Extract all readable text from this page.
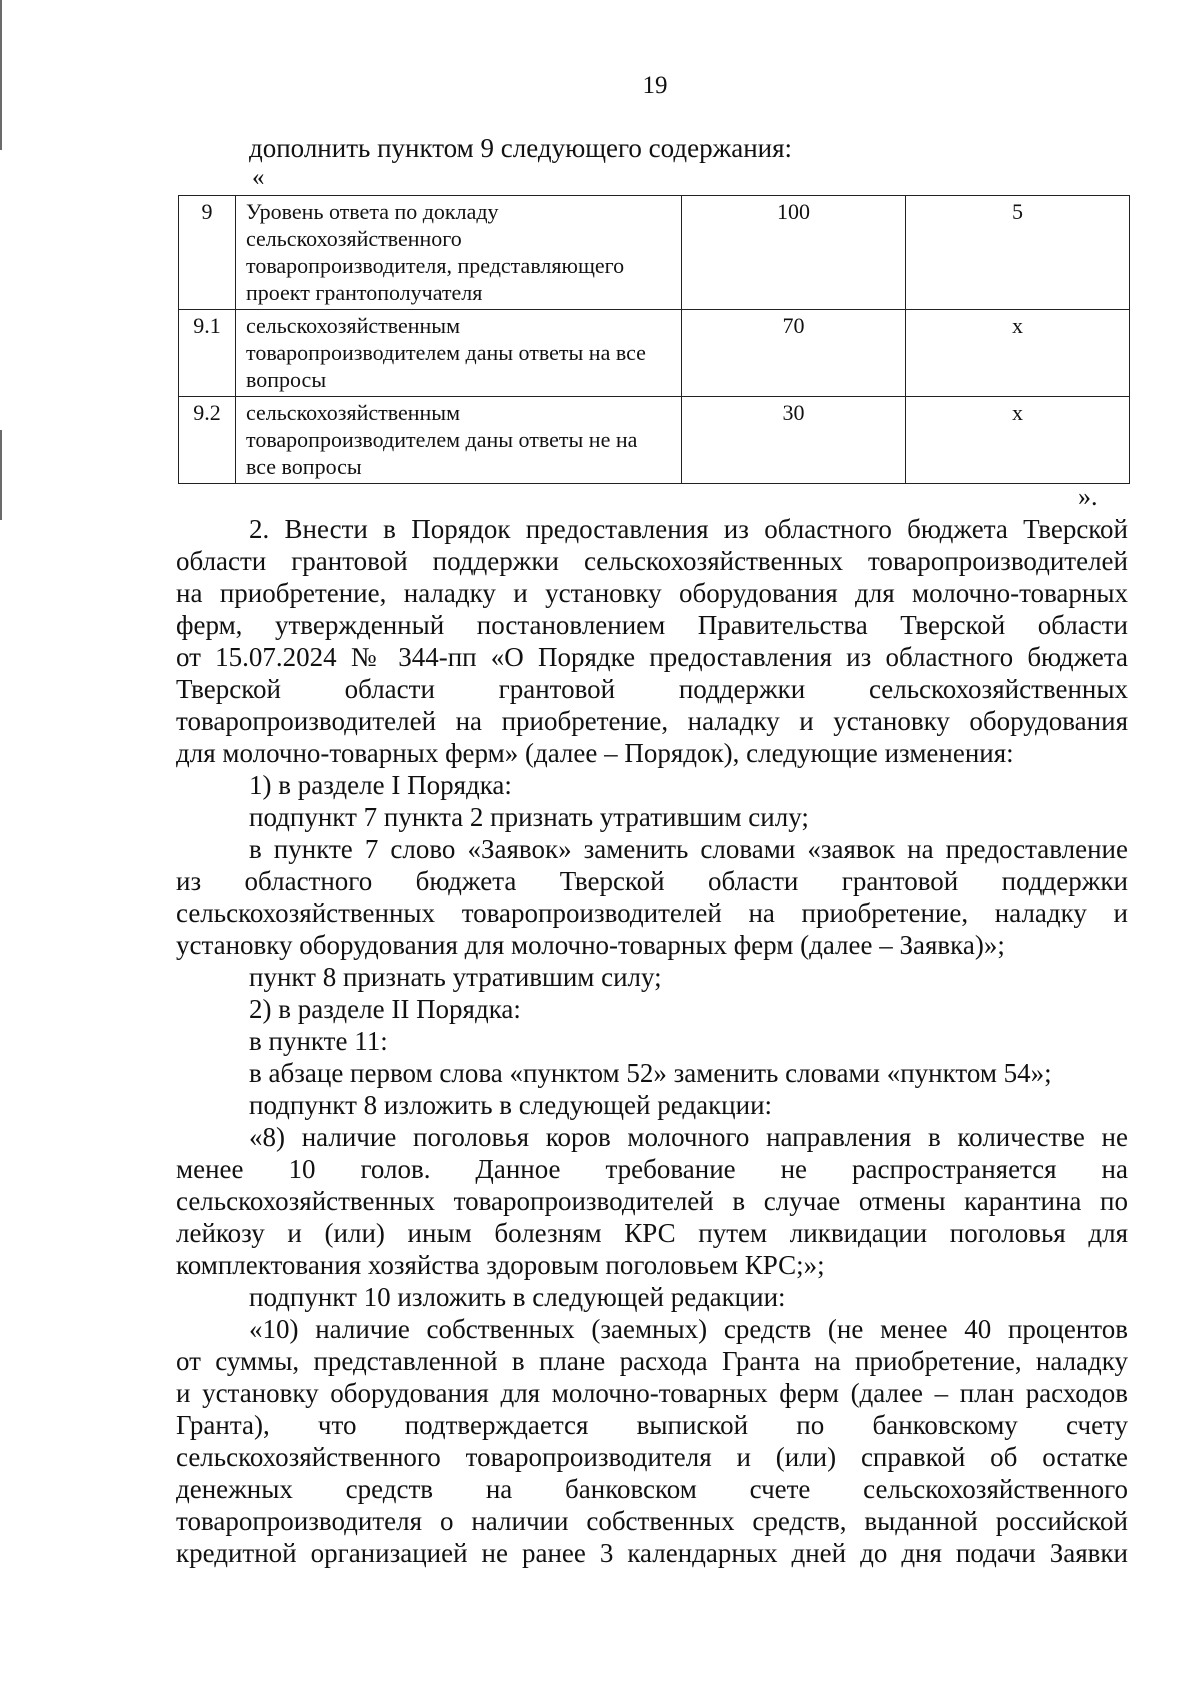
19
дополнить пунктом 9 следующего содержания:
«
9	Уровень ответа по докладу сельскохозяйственного товаропроизводителя, представляющего проект грантополучателя	100	5
9.1	сельскохозяйственным товаропроизводителем даны ответы на все вопросы	70	х
9.2	сельскохозяйственным товаропроизводителем даны ответы не на все вопросы	30	х
».
2. Внести в Порядок предоставления из областного бюджета Тверской
области грантовой поддержки сельскохозяйственных товаропроизводителей
на приобретение, наладку и установку оборудования для молочно-товарных
ферм, утвержденный постановлением Правительства Тверской области
от 15.07.2024 № 344-пп «О Порядке предоставления из областного бюджета
Тверской области грантовой поддержки сельскохозяйственных
товаропроизводителей на приобретение, наладку и установку оборудования
для молочно-товарных ферм» (далее – Порядок), следующие изменения:
1) в разделе I Порядка:
подпункт 7 пункта 2 признать утратившим силу;
в пункте 7 слово «Заявок» заменить словами «заявок на предоставление
из областного бюджета Тверской области грантовой поддержки
сельскохозяйственных товаропроизводителей на приобретение, наладку и
установку оборудования для молочно-товарных ферм (далее – Заявка)»;
пункт 8 признать утратившим силу;
2) в разделе II Порядка:
в пункте 11:
в абзаце первом слова «пунктом 52» заменить словами «пунктом 54»;
подпункт 8 изложить в следующей редакции:
«8) наличие поголовья коров молочного направления в количестве не
менее 10 голов. Данное требование не распространяется на
сельскохозяйственных товаропроизводителей в случае отмены карантина по
лейкозу и (или) иным болезням КРС путем ликвидации поголовья для
комплектования хозяйства здоровым поголовьем КРС;»;
подпункт 10 изложить в следующей редакции:
«10) наличие собственных (заемных) средств (не менее 40 процентов
от суммы, представленной в плане расхода Гранта на приобретение, наладку
и установку оборудования для молочно-товарных ферм (далее – план расходов
Гранта), что подтверждается выпиской по банковскому счету
сельскохозяйственного товаропроизводителя и (или) справкой об остатке
денежных средств на банковском счете сельскохозяйственного
товаропроизводителя о наличии собственных средств, выданной российской
кредитной организацией не ранее 3 календарных дней до дня подачи Заявки
